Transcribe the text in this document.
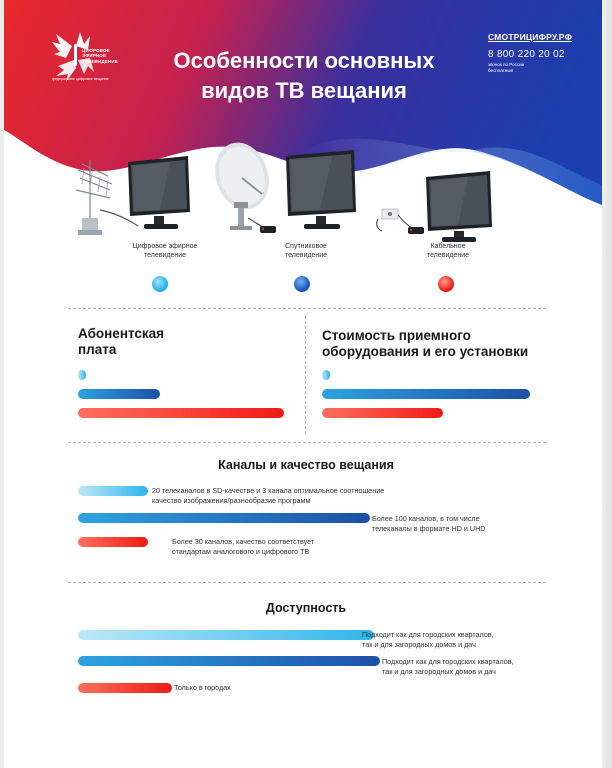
ЦИФРОВОЕ
ЭФИРНОЕ
ТЕЛЕВИДЕНИЕ
федеральное цифровое вещание
Особенности основных
видов ТВ вещания
СМОТРИЦИФРУ.РФ
8 800 220 20 02
звонок по России
бесплатный
Цифровое эфирное
телевидение
Спутниковое
телевидение
Кабельное
телевидение
Абонентская
плата
Стоимость приемного
оборудования и его установки
Каналы и качество вещания
20 телеканалов в SD-качестве и 3 канала оптимальное соотношение
качество изображения/разнообразие программ
Более 100 каналов, в том числе
телеканалы в формате HD и UHD
Более 30 каналов, качество соответствует
стандартам аналогового и цифрового ТВ
Доступность
Подходит как для городских кварталов,
так и для загородных домов и дач
Подходит как для городских кварталов,
так и для загородных домов и дач
Только в городах
